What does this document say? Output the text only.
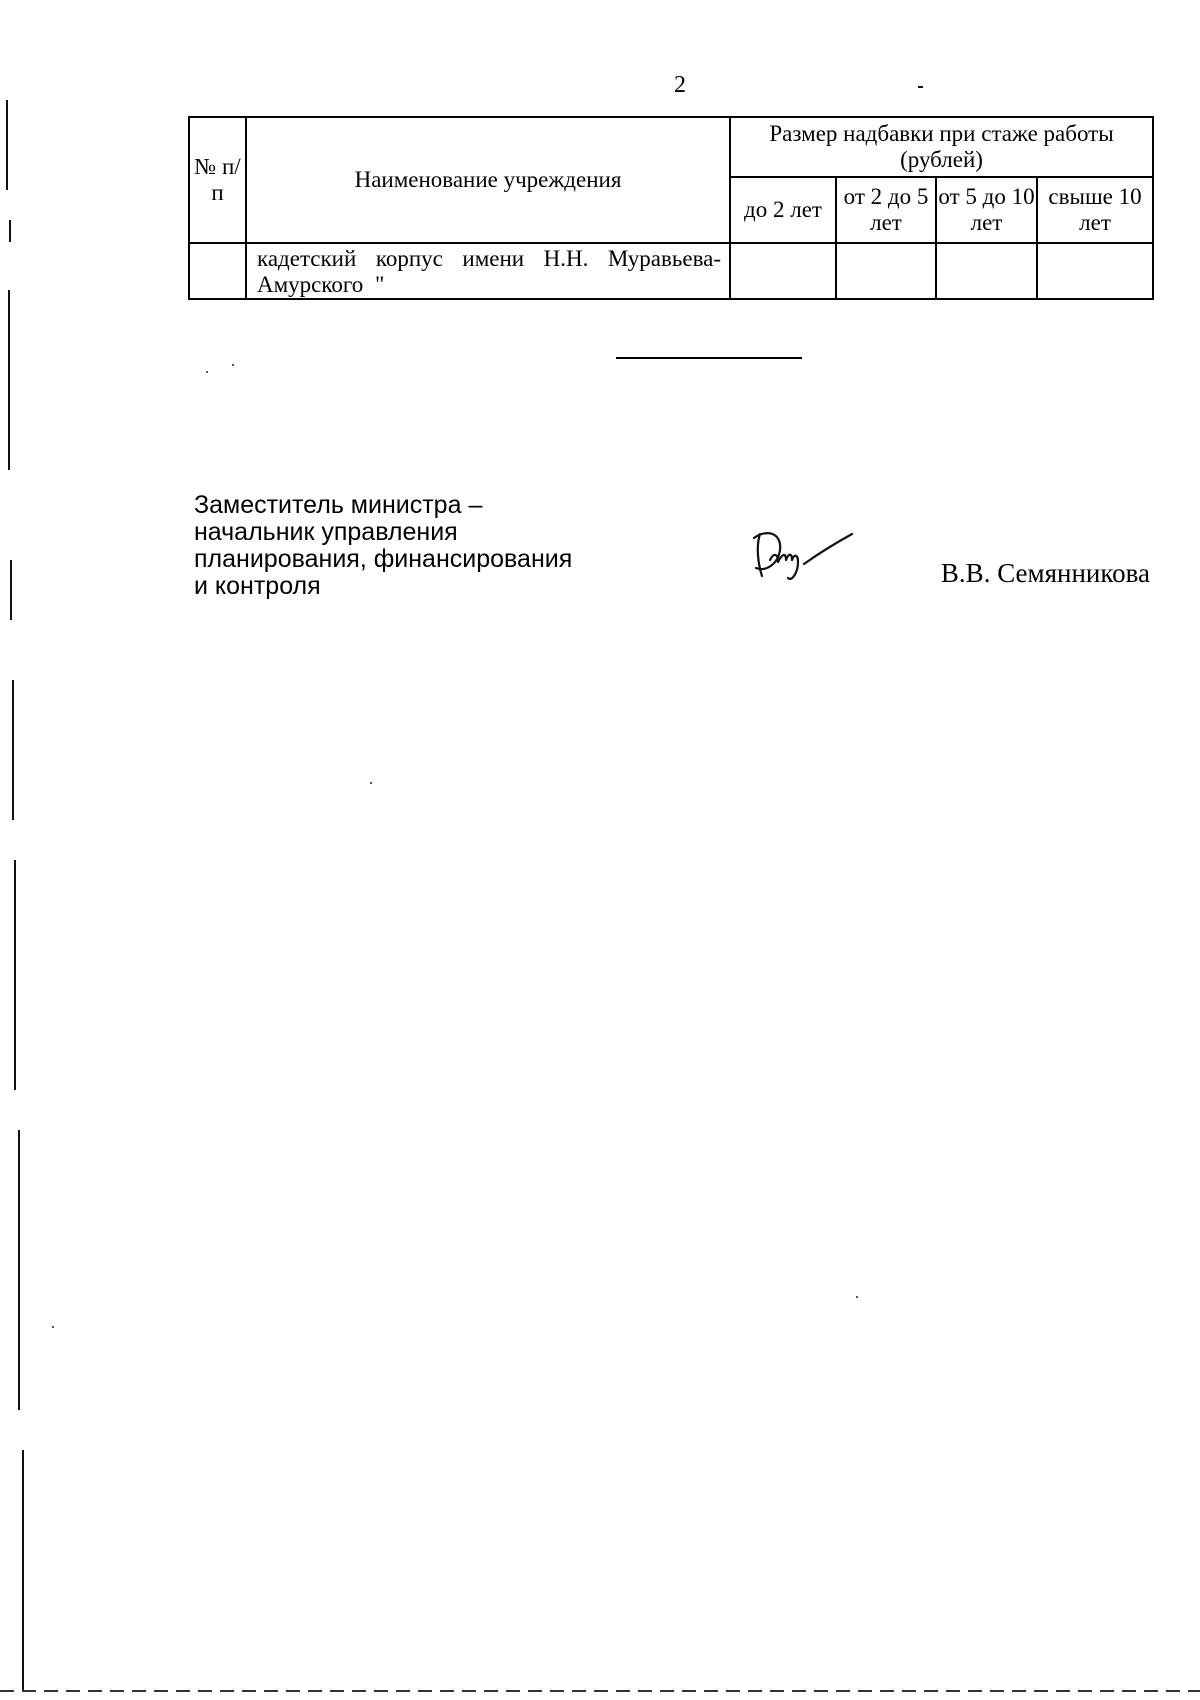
2
№ п/п	Наименование учреждения	Размер надбавки при стаже работы (рублей)			
		до 2 лет	от 2 до 5 лет	от 5 до 10 лет	свыше 10 лет
	кадетский корпус имени Н.Н. Муравьева-Амурского "				
Заместитель министра –
начальник управления
планирования, финансирования
и контроля	В.В. Семянникова
